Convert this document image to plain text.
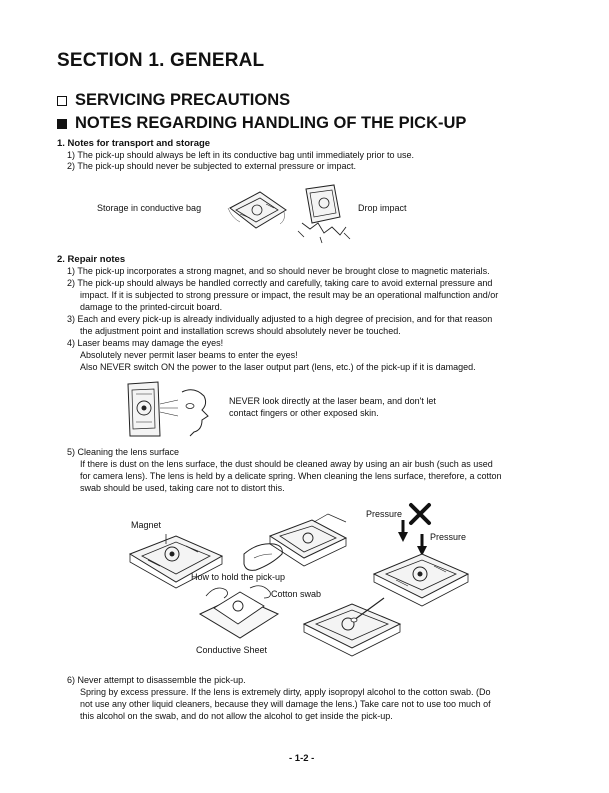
SECTION 1. GENERAL
SERVICING PRECAUTIONS
NOTES REGARDING HANDLING OF THE PICK-UP
1. Notes for transport and storage
1) The pick-up should always be left in its conductive bag until immediately prior to use.
2) The pick-up should never be subjected to external pressure or impact.
Storage in conductive bag	Drop impact
2. Repair notes
1) The pick-up incorporates a strong magnet, and so should never be brought close to magnetic materials.
2) The pick-up should always be handled correctly and carefully, taking care to avoid external pressure and
impact. If it is subjected to strong pressure or impact, the result may be an operational malfunction and/or
damage to the printed-circuit board.
3) Each and every pick-up is already individually adjusted to a high degree of precision, and for that reason
the adjustment point and installation screws should absolutely never be touched.
4) Laser beams may damage the eyes!
Absolutely never permit laser beams to enter the eyes!
Also NEVER switch ON the power to the laser output part (lens, etc.) of the pick-up if it is damaged.
NEVER look directly at the laser beam, and don't let
contact fingers or other exposed skin.
5) Cleaning the lens surface
If there is dust on the lens surface, the dust should be cleaned away by using an air bush (such as used
for camera lens). The lens is held by a delicate spring. When cleaning the lens surface, therefore, a cotton
swab should be used, taking care not to distort this.
Magnet
Pressure
Pressure
How to hold the pick-up
Cotton swab
Conductive Sheet
6) Never attempt to disassemble the pick-up.
Spring by excess pressure. If the lens is extremely dirty, apply isopropyl alcohol to the cotton swab. (Do
not use any other liquid cleaners, because they will damage the lens.) Take care not to use too much of
this alcohol on the swab, and do not allow the alcohol to get inside the pick-up.
- 1-2 -
